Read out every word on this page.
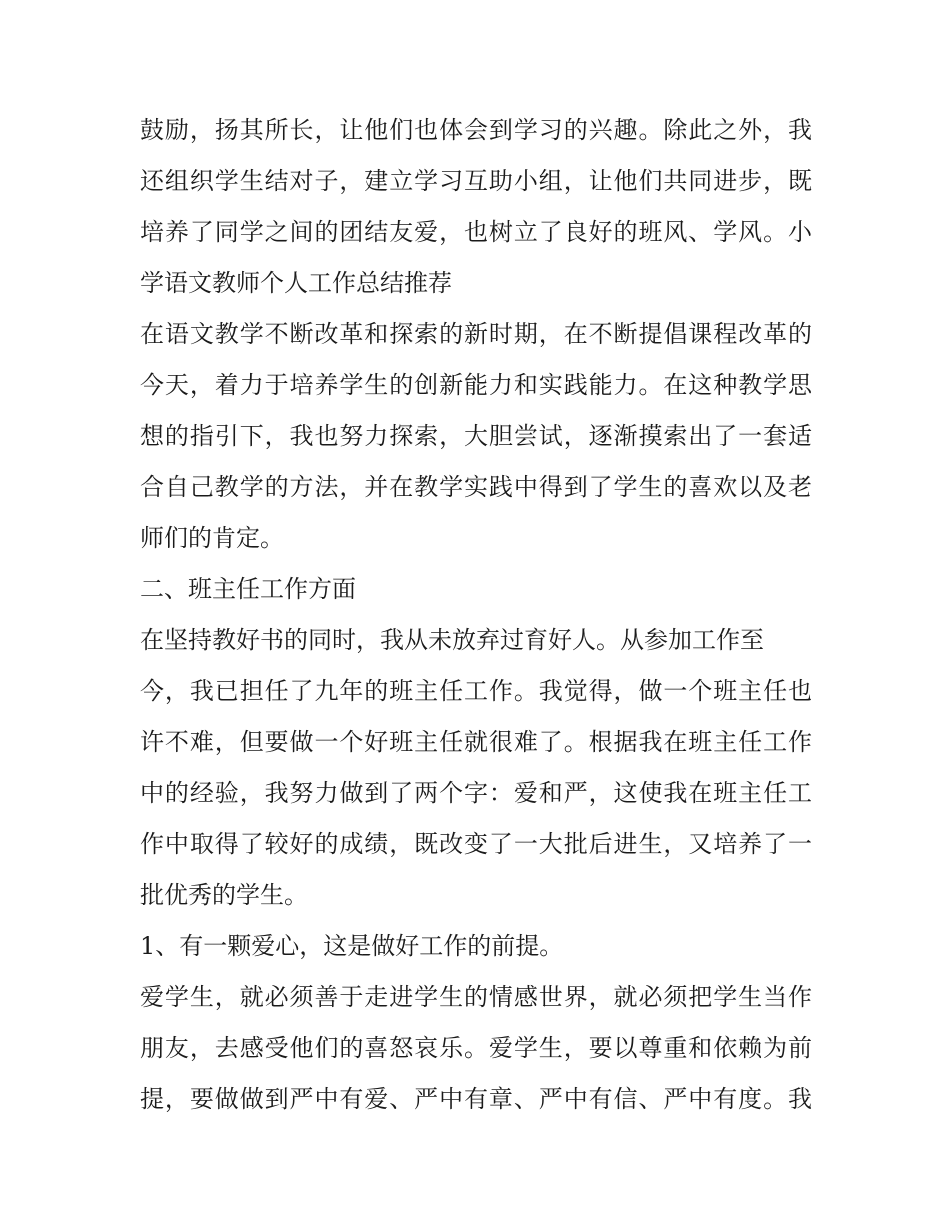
鼓励，扬其所长，让他们也体会到学习的兴趣。除此之外，我
还组织学生结对子，建立学习互助小组，让他们共同进步，既
培养了同学之间的团结友爱，也树立了良好的班风、学风。小
学语文教师个人工作总结推荐
在语文教学不断改革和探索的新时期，在不断提倡课程改革的
今天，着力于培养学生的创新能力和实践能力。在这种教学思
想的指引下，我也努力探索，大胆尝试，逐渐摸索出了一套适
合自己教学的方法，并在教学实践中得到了学生的喜欢以及老
师们的肯定。
二、班主任工作方面
在坚持教好书的同时，我从未放弃过育好人。从参加工作至
今，我已担任了九年的班主任工作。我觉得，做一个班主任也
许不难，但要做一个好班主任就很难了。根据我在班主任工作
中的经验，我努力做到了两个字：爱和严，这使我在班主任工
作中取得了较好的成绩，既改变了一大批后进生，又培养了一
批优秀的学生。
1、有一颗爱心，这是做好工作的前提。
爱学生，就必须善于走进学生的情感世界，就必须把学生当作
朋友，去感受他们的喜怒哀乐。爱学生，要以尊重和依赖为前
提，要做做到严中有爱、严中有章、严中有信、严中有度。我
